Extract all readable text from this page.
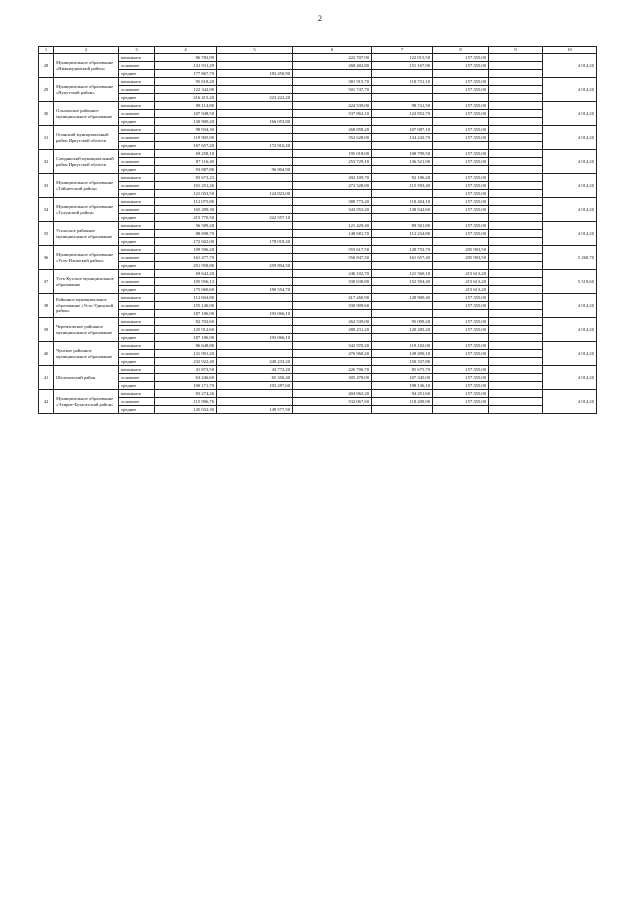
2
1	2	3	4	5	6	7	8	9	10
28	Муниципальное образование «Нижнеудинский район»	начальное	86 783,99		222 707,90	122 015,50	157 355,00		4 014,20
		основное	131 911,29		268 402,80	151 167,90	157 355,00		
		среднее	177 867,70	183 450,90					
29	Муниципальное образование «Нукутский район»	начальное	95 618,20		381 915,70	110 731,10	157 355,00		4 014,20
		основное	122 342,90		501 747,70		157 355,00		
		среднее	216 415,20	223 222,20					
30	Ольхонское районное муниципальное образование	начальное	98 114,80		424 539,00	98 741,50	157 355,00		4 014,20
		основное	107 948,50		537 862,10	123 852,70	157 355,00		
		среднее	130 900,20	166 053,80					
31	Осинский муниципальный район Иркутской области	начальное	98 934,30		268 858,20	107 087,10	157 355,00		4 014,20
		основное	119 905,90		352 628,00	134 243,70	157 355,00		
		среднее	167 657,20	172 916,20					
32	Слюдянский муниципальный район Иркутской области	начальное	69 258,10		195 018,00	108 799,50	157 355,00		4 014,20
		основное	87 116,40		253 729,10	136 521,90	157 355,00		
		среднее	93 887,80	96 804,90					
33	Муниципальное образование «Тайшетский район»	начальное	83 673,23		202 109,70	92 186,20	157 355,00		4 014,20
		основное	101 251,26		272 328,80	115 593,40	157 355,00		
		среднее	121 053,50	124 823,00			157 355,00		
34	Муниципальное образование «Тулунский район»	начальное	112 075,80		380 773,20	110 404,10	157 355,00		4 014,20
		основное	165 289,30		343 953,20	138 542,60	157 355,00		
		среднее	215 770,50	222 557,10					
35	Усольское районное муниципальное образование	начальное	56 589,20		121 429,40	89 501,80	157 355,00		4 014,20
		основное	88 698,70		140 681,70	112 234,80	157 355,00		
		среднее	172 602,00	178 018,20					
36	Муниципальное образование «Усть-Илимский район»	начальное	109 596,20		555 617,50	128 753,70	205 903,50		5 268,70
		основное	161 477,70		556 847,50	161 657,40	205 903,50		
		среднее	251 958,80	259 894,50					
37	Усть-Кутское муниципальное образование	начальное	69 642,20		246 102,70	121 560,10	215 613,20		5 519,60
		основное	105 956,13		330 638,80	152 594,40	215 613,20		
		среднее	175 060,60	180 554,70			215 613,20		
38	Районное муниципальное образование «Усть-Удинский район»	начальное	112 604,80		417 260,90	128 900,40	157 355,00		4 014,20
		основное	155 140,90		330 909,60		157 355,00		
		среднее	187 186,90	193 066,10					
39	Черемховское районное муниципальное образование	начальное	82 702,60		262 539,00	95 009,20	157 355,00		4 014,20
		основное	125 912,60		289 231,20	120 285,20	157 355,00		
		среднее	187 186,90	193 066,10					
40	Чунское районное муниципальное образование	начальное	86 648,80		342 970,20	119 102,00	157 355,00		4 014,20
		основное	131 991,20		476 960,20	149 490,10	157 355,00		
		среднее	232 922,40	240 233,20		150 337,80			
41	Шелеховский район	начальное	41 873,50	43 772,20	226 706,70	85 675,70	157 355,00		4 014,20
		основное	63 246,60	65 356,40	305 478,00	107 345,00	157 355,00		
		среднее	100 171,70	103 287,60		198 136,10	157 355,00		
42	Муниципальное образование «Эхирит-Булагатский район»	начальное	83 274,26		404 062,20	94 251,60	157 355,00		4 014,20
		основное	115 906,76		532 067,60	118 209,90	157 355,00		
		среднее	145 032,30	149 577,50					
